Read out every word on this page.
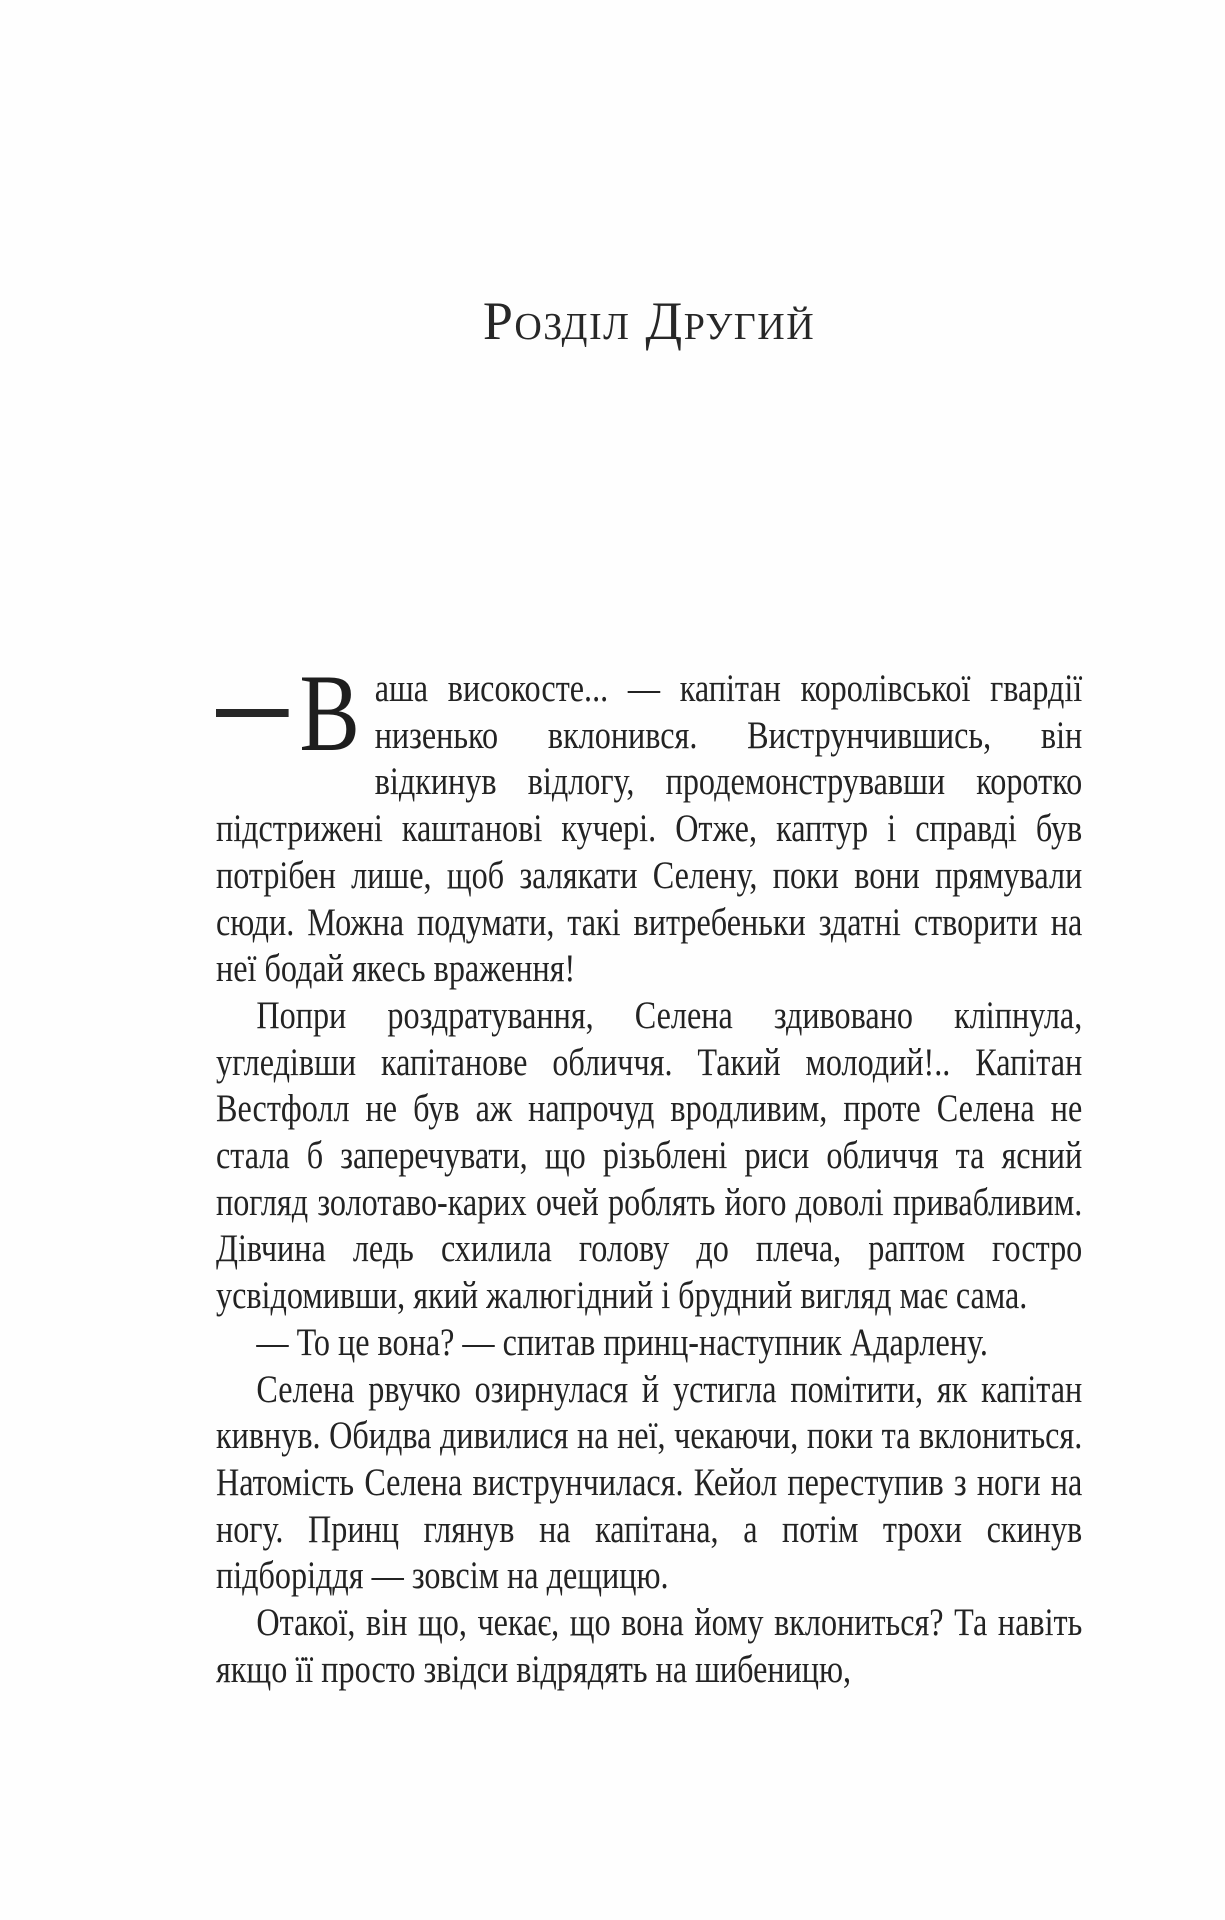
Розділ Другий

В аша високосте... — капітан королівської гвардії низенько вклонився. Виструнчившись, він відкинув відлогу, продемонструвавши коротко підстрижені каштанові кучері. Отже, каптур і справді був потрібен лише, щоб залякати Селену, поки вони прямували сюди. Можна подумати, такі витребеньки здатні створити на неї бодай якесь враження!

Попри роздратування, Селена здивовано кліпнула, угледівши капітанове обличчя. Такий молодий!.. Капітан Вестфолл не був аж напрочуд вродливим, проте Селена не стала б заперечувати, що різьблені риси обличчя та ясний погляд золотаво-карих очей роблять його доволі привабливим. Дівчина ледь схилила голову до плеча, раптом гостро усвідомивши, який жалюгідний і брудний вигляд має сама.

— То це вона? — спитав принц-наступник Адарлену.

Селена рвучко озирнулася й устигла помітити, як капітан кивнув. Обидва дивилися на неї, чекаючи, поки та вклониться. Натомість Селена виструнчилася. Кейол переступив з ноги на ногу. Принц глянув на капітана, а потім трохи скинув підборіддя — зовсім на дещицю.

Отакої, він що, чекає, що вона йому вклониться? Та навіть якщо її просто звідси відрядять на шибеницю,
